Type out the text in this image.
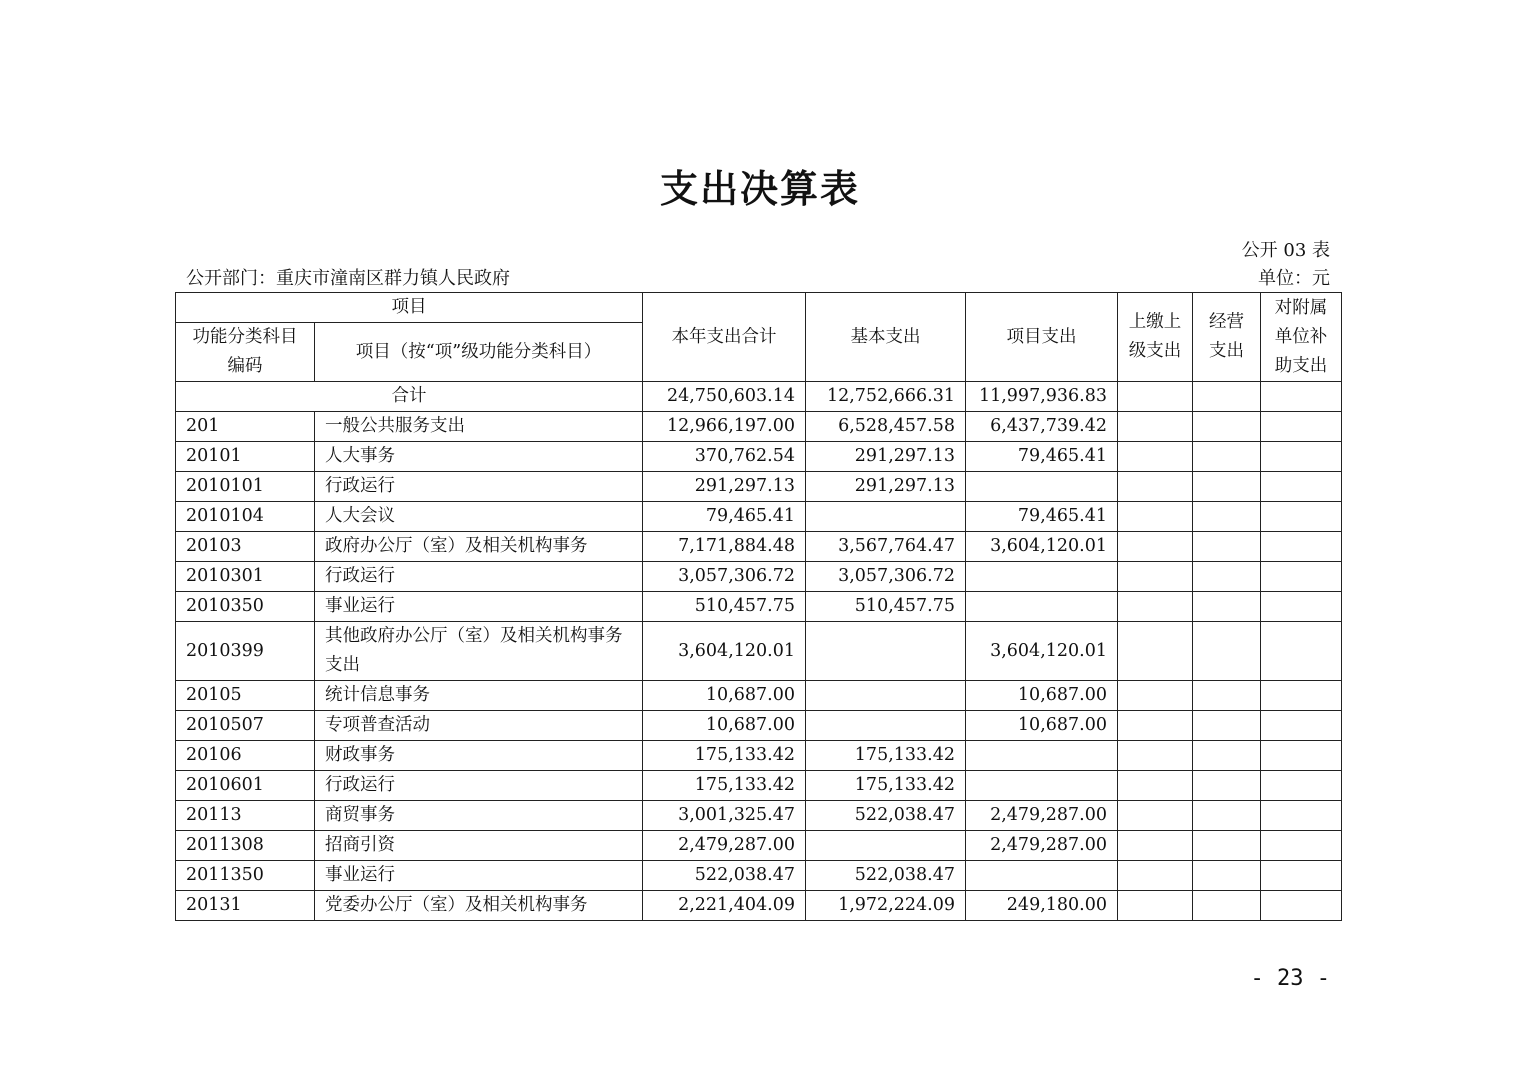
支出决算表
公开 03 表
公开部门：重庆市潼南区群力镇人民政府	单位：元
项目		本年支出合计	基本支出	项目支出	上缴上级支出	经营支出	对附属单位补助支出

功能分类科目编码	项目（按“项”级功能分类科目）						
合计		24,750,603.14	12,752,666.31	11,997,936.83			
201	一般公共服务支出	12,966,197.00	6,528,457.58	6,437,739.42			
20101	人大事务	370,762.54	291,297.13	79,465.41			
2010101	行政运行	291,297.13	291,297.13				
2010104	人大会议	79,465.41		79,465.41			
20103	政府办公厅（室）及相关机构事务	7,171,884.48	3,567,764.47	3,604,120.01			
2010301	行政运行	3,057,306.72	3,057,306.72				
2010350	事业运行	510,457.75	510,457.75				
2010399	其他政府办公厅（室）及相关机构事务支出	3,604,120.01		3,604,120.01			
20105	统计信息事务	10,687.00		10,687.00			
2010507	专项普查活动	10,687.00		10,687.00			
20106	财政事务	175,133.42	175,133.42				
2010601	行政运行	175,133.42	175,133.42				
20113	商贸事务	3,001,325.47	522,038.47	2,479,287.00			
2011308	招商引资	2,479,287.00		2,479,287.00			
2011350	事业运行	522,038.47	522,038.47				
20131	党委办公厅（室）及相关机构事务	2,221,404.09	1,972,224.09	249,180.00			
- 23 -
